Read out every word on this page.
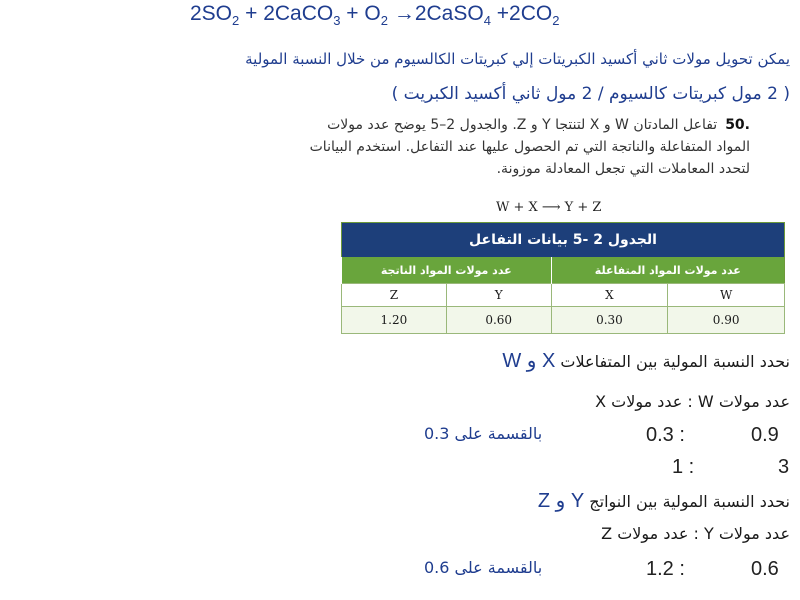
$2SO_2$ + 2CaCO$_3$ + $O_2$ →2CaSO$_4$ $+2CO_2$
يمكن تحويل مولات ثاني أكسيد الكبريتات إلي كبريتات الكالسيوم من خلال النسبة المولية
( 2 مول كبريتات كالسيوم / 2 مول ثاني أكسيد الكبريت )
.50تفاعل المادتان W و X لتنتجا Y و Z. والجدول 2–5 يوضح عدد مولات المواد المتفاعلة والناتجة التي تم الحصول عليها عند التفاعل. استخدم البيانات لتحدد المعاملات التي تجعل المعادلة موزونة.
W + X ⟶ Y + Z
الجدول 2 -5 بيانات التفاعل			
عدد مولات المواد المتفاعلة		عدد مولات المواد الناتجة	
W	X	Y	Z
0.90	0.30	0.60	1.20
نحدد النسبة المولية بين المتفاعلات X و W
عدد مولات W : عدد مولات X
0.9
0.3 :
بالقسمة على 0.3
3
1 :
نحدد النسبة المولية بين النواتج Y و Z
عدد مولات Y : عدد مولات Z
0.6
1.2 :
بالقسمة على 0.6
